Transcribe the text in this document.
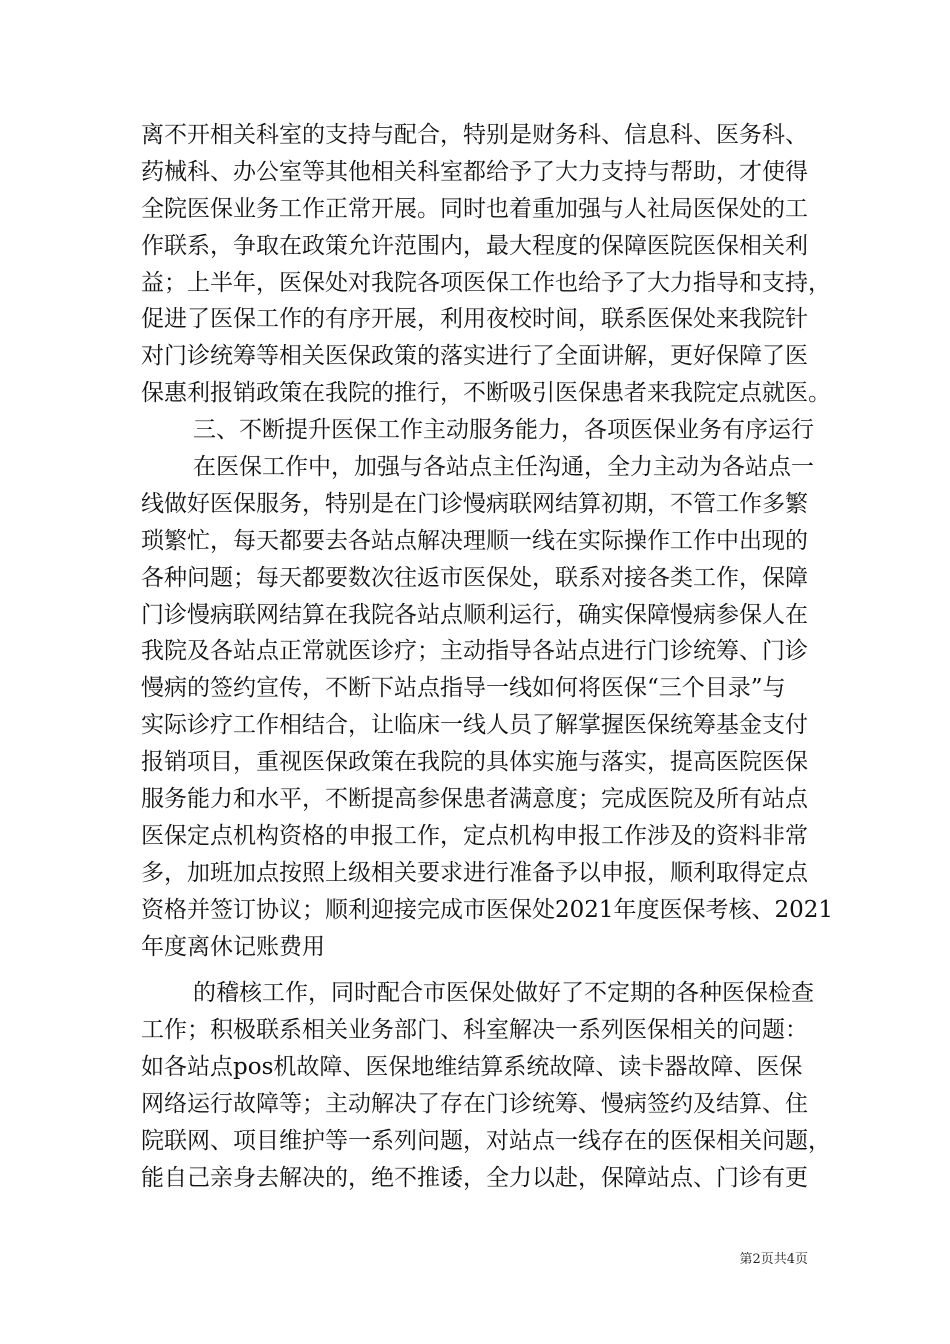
离不开相关科室的支持与配合，特别是财务科、信息科、医务科、
药械科、办公室等其他相关科室都给予了大力支持与帮助，才使得
全院医保业务工作正常开展。同时也着重加强与人社局医保处的工
作联系，争取在政策允许范围内，最大程度的保障医院医保相关利
益；上半年，医保处对我院各项医保工作也给予了大力指导和支持，
促进了医保工作的有序开展，利用夜校时间，联系医保处来我院针
对门诊统筹等相关医保政策的落实进行了全面讲解，更好保障了医
保惠利报销政策在我院的推行，不断吸引医保患者来我院定点就医。
三、不断提升医保工作主动服务能力，各项医保业务有序运行
在医保工作中，加强与各站点主任沟通，全力主动为各站点一
线做好医保服务，特别是在门诊慢病联网结算初期，不管工作多繁
琐繁忙，每天都要去各站点解决理顺一线在实际操作工作中出现的
各种问题；每天都要数次往返市医保处，联系对接各类工作，保障
门诊慢病联网结算在我院各站点顺利运行，确实保障慢病参保人在
我院及各站点正常就医诊疗；主动指导各站点进行门诊统筹、门诊
慢病的签约宣传，不断下站点指导一线如何将医保“三个目录”与
实际诊疗工作相结合，让临床一线人员了解掌握医保统筹基金支付
报销项目，重视医保政策在我院的具体实施与落实，提高医院医保
服务能力和水平，不断提高参保患者满意度；完成医院及所有站点
医保定点机构资格的申报工作，定点机构申报工作涉及的资料非常
多，加班加点按照上级相关要求进行准备予以申报，顺利取得定点
资格并签订协议；顺利迎接完成市医保处2021年度医保考核、2021
年度离休记账费用
的稽核工作，同时配合市医保处做好了不定期的各种医保检查
工作；积极联系相关业务部门、科室解决一系列医保相关的问题：
如各站点pos机故障、医保地维结算系统故障、读卡器故障、医保
网络运行故障等；主动解决了存在门诊统筹、慢病签约及结算、住
院联网、项目维护等一系列问题，对站点一线存在的医保相关问题，
能自己亲身去解决的，绝不推诿，全力以赴，保障站点、门诊有更
第2页共4页
